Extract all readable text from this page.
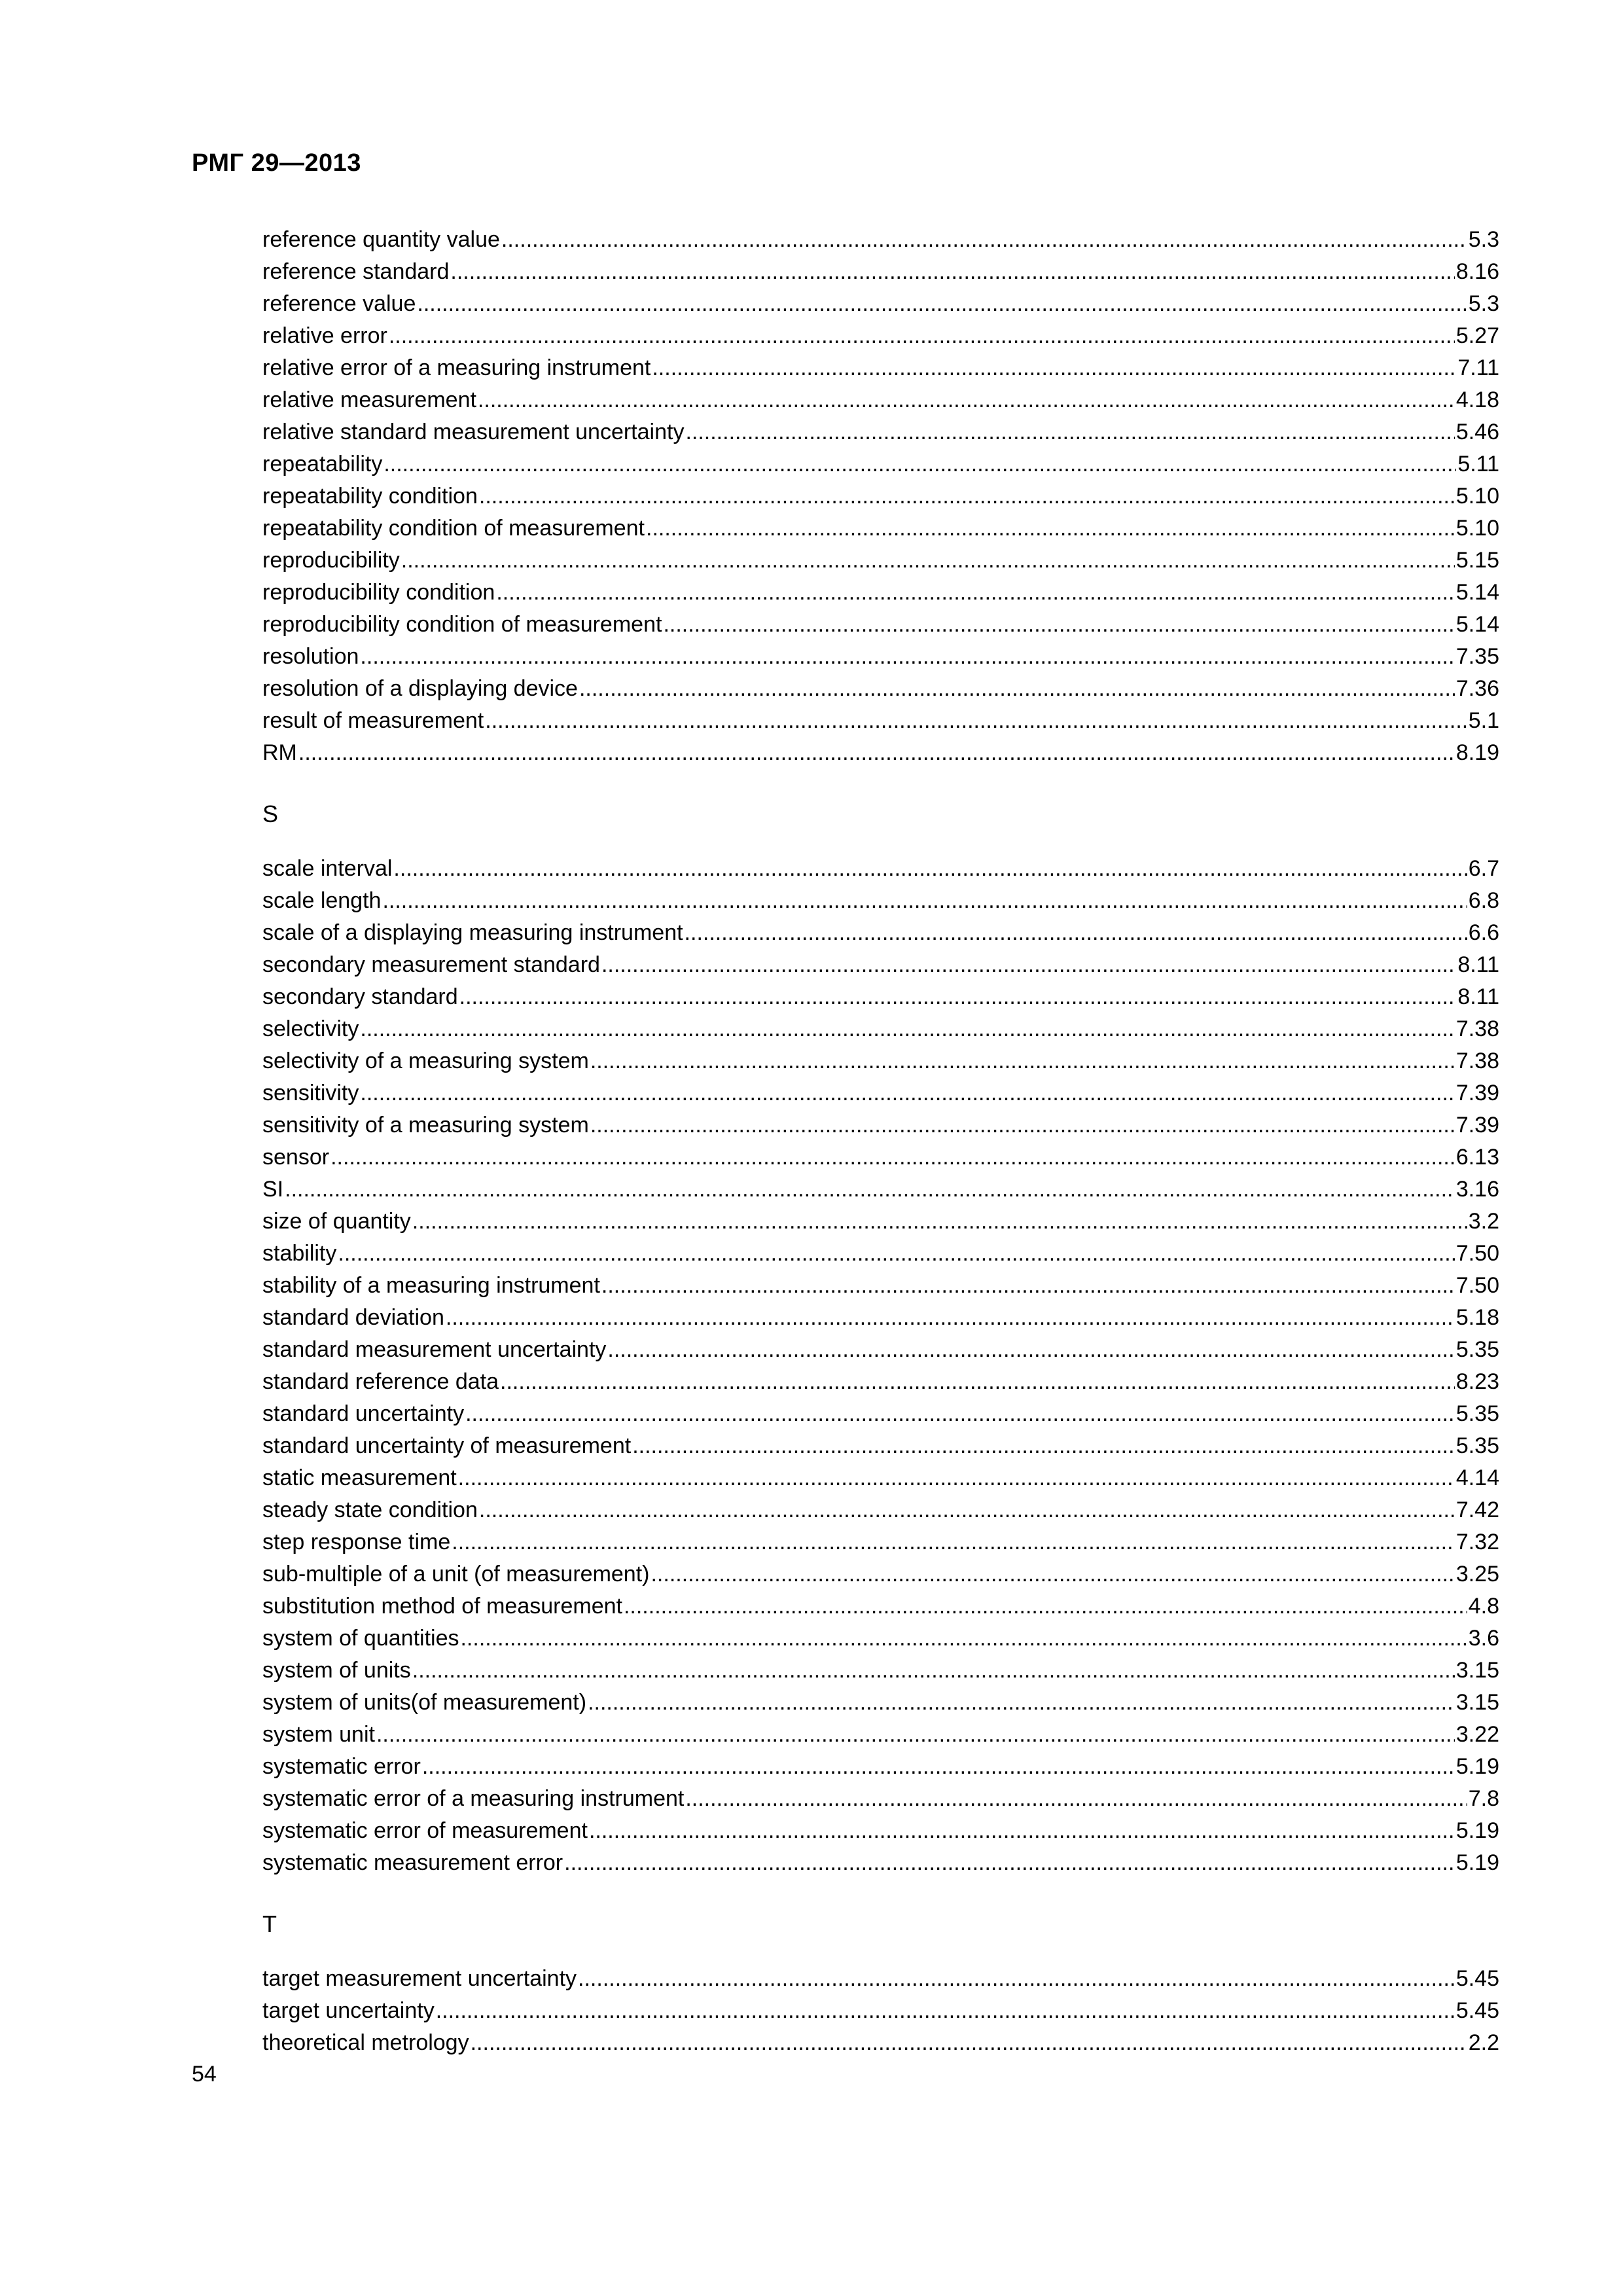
РМГ 29—2013
reference quantity value .....	5.3
reference standard .....	8.16
reference value .....	5.3
relative error .....	5.27
relative error of a measuring instrument .....	7.11
relative measurement .....	4.18
relative standard measurement uncertainty .....	5.46
repeatability .....	5.11
repeatability condition .....	5.10
repeatability condition of measurement .....	5.10
reproducibility .....	5.15
reproducibility condition .....	5.14
reproducibility condition of measurement .....	5.14
resolution .....	7.35
resolution of a displaying device .....	7.36
result of measurement .....	5.1
RM .....	8.19
S
scale interval .....	6.7
scale length .....	6.8
scale of a displaying measuring instrument .....	6.6
secondary measurement standard .....	8.11
secondary standard .....	8.11
selectivity .....	7.38
selectivity of a measuring system .....	7.38
sensitivity .....	7.39
sensitivity of a measuring system .....	7.39
sensor .....	6.13
SI .....	3.16
size of quantity .....	3.2
stability .....	7.50
stability of a measuring instrument .....	7.50
standard deviation .....	5.18
standard measurement uncertainty .....	5.35
standard reference data .....	8.23
standard uncertainty .....	5.35
standard uncertainty of measurement .....	5.35
static measurement .....	4.14
steady state condition .....	7.42
step response time .....	7.32
sub-multiple of a unit (of measurement) .....	3.25
substitution method of measurement .....	4.8
system of quantities .....	3.6
system of units .....	3.15
system of units(of measurement) .....	3.15
system unit .....	3.22
systematic error .....	5.19
systematic error of a measuring instrument .....	7.8
systematic error of measurement .....	5.19
systematic measurement error .....	5.19
T
target measurement uncertainty .....	5.45
target uncertainty .....	5.45
theoretical metrology .....	2.2
54
